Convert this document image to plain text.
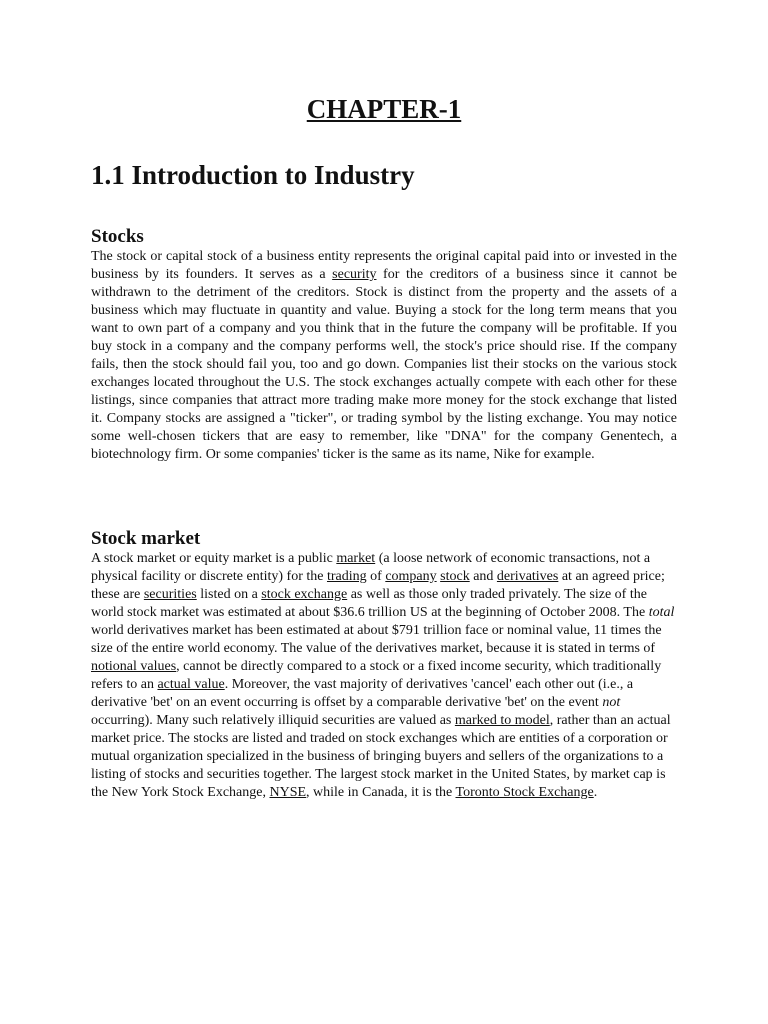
CHAPTER-1
1.1 Introduction to Industry
Stocks

The stock or capital stock of a business entity represents the original capital paid into or invested in the business by its founders. It serves as a security for the creditors of a business since it cannot be withdrawn to the detriment of the creditors. Stock is distinct from the property and the assets of a business which may fluctuate in quantity and value. Buying a stock for the long term means that you want to own part of a company and you think that in the future the company will be profitable. If you buy stock in a company and the company performs well, the stock's price should rise. If the company fails, then the stock should fail you, too and go down. Companies list their stocks on the various stock exchanges located throughout the U.S. The stock exchanges actually compete with each other for these listings, since companies that attract more trading make more money for the stock exchange that listed it. Company stocks are assigned a "ticker", or trading symbol by the listing exchange. You may notice some well-chosen tickers that are easy to remember, like "DNA" for the company Genentech, a biotechnology firm. Or some companies' ticker is the same as its name, Nike for example.

Stock market

A stock market or equity market is a public market (a loose network of economic transactions, not a physical facility or discrete entity) for the trading of company stock and derivatives at an agreed price; these are securities listed on a stock exchange as well as those only traded privately. The size of the world stock market was estimated at about $36.6 trillion US at the beginning of October 2008. The total world derivatives market has been estimated at about $791 trillion face or nominal value, 11 times the size of the entire world economy. The value of the derivatives market, because it is stated in terms of notional values, cannot be directly compared to a stock or a fixed income security, which traditionally refers to an actual value. Moreover, the vast majority of derivatives 'cancel' each other out (i.e., a derivative 'bet' on an event occurring is offset by a comparable derivative 'bet' on the event not occurring). Many such relatively illiquid securities are valued as marked to model, rather than an actual market price. The stocks are listed and traded on stock exchanges which are entities of a corporation or mutual organization specialized in the business of bringing buyers and sellers of the organizations to a listing of stocks and securities together. The largest stock market in the United States, by market cap is the New York Stock Exchange, NYSE, while in Canada, it is the Toronto Stock Exchange.
